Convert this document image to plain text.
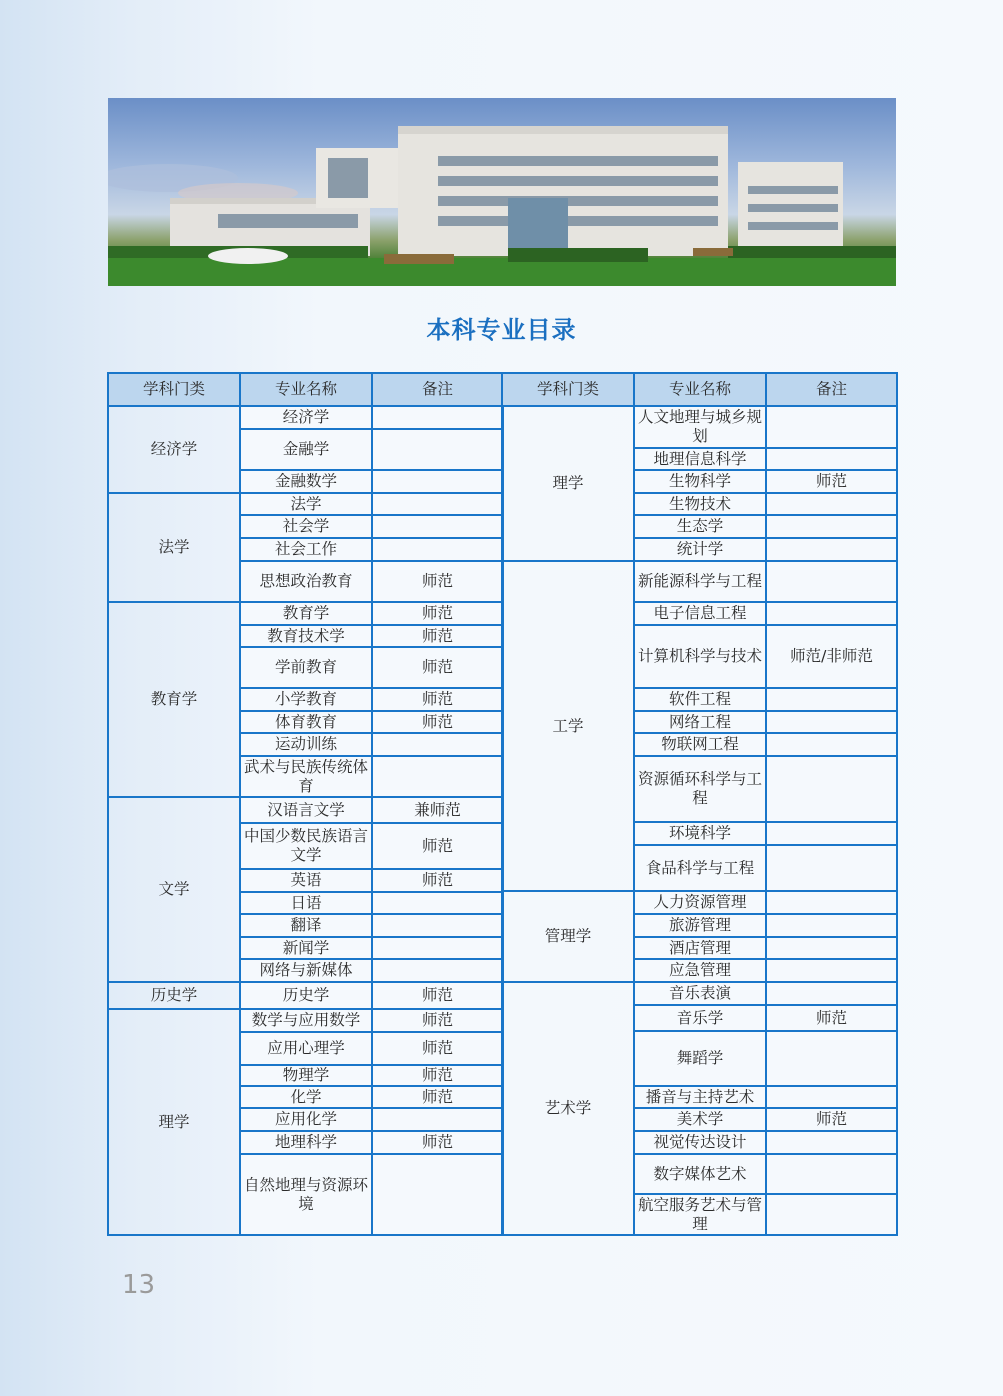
本科专业目录
学科门类	专业名称	备注
经济学	经济学	
	金融学	
	金融数学	
法学	法学	
	社会学	
	社会工作	
	思想政治教育	师范
教育学	教育学	师范
	教育技术学	师范
	学前教育	师范
	小学教育	师范
	体育教育	师范
	运动训练	
	武术与民族传统体育	
文学	汉语言文学	兼师范
	中国少数民族语言文学	师范
	英语	师范
	日语	
	翻译	
	新闻学	
	网络与新媒体	
历史学	历史学	师范
理学	数学与应用数学	师范
	应用心理学	师范
	物理学	师范
	化学	师范
	应用化学	
	地理科学	师范
	自然地理与资源环境	
学科门类	专业名称	备注
理学	人文地理与城乡规划	
	地理信息科学	
	生物科学	师范
	生物技术	
	生态学	
	统计学	
工学	新能源科学与工程	
	电子信息工程	
	计算机科学与技术	师范/非师范
	软件工程	
	网络工程	
	物联网工程	
	资源循环科学与工程	
	环境科学	
	食品科学与工程	
管理学	人力资源管理	
	旅游管理	
	酒店管理	
	应急管理	
艺术学	音乐表演	
	音乐学	师范
	舞蹈学	
	播音与主持艺术	
	美术学	师范
	视觉传达设计	
	数字媒体艺术	
	航空服务艺术与管理	
13
